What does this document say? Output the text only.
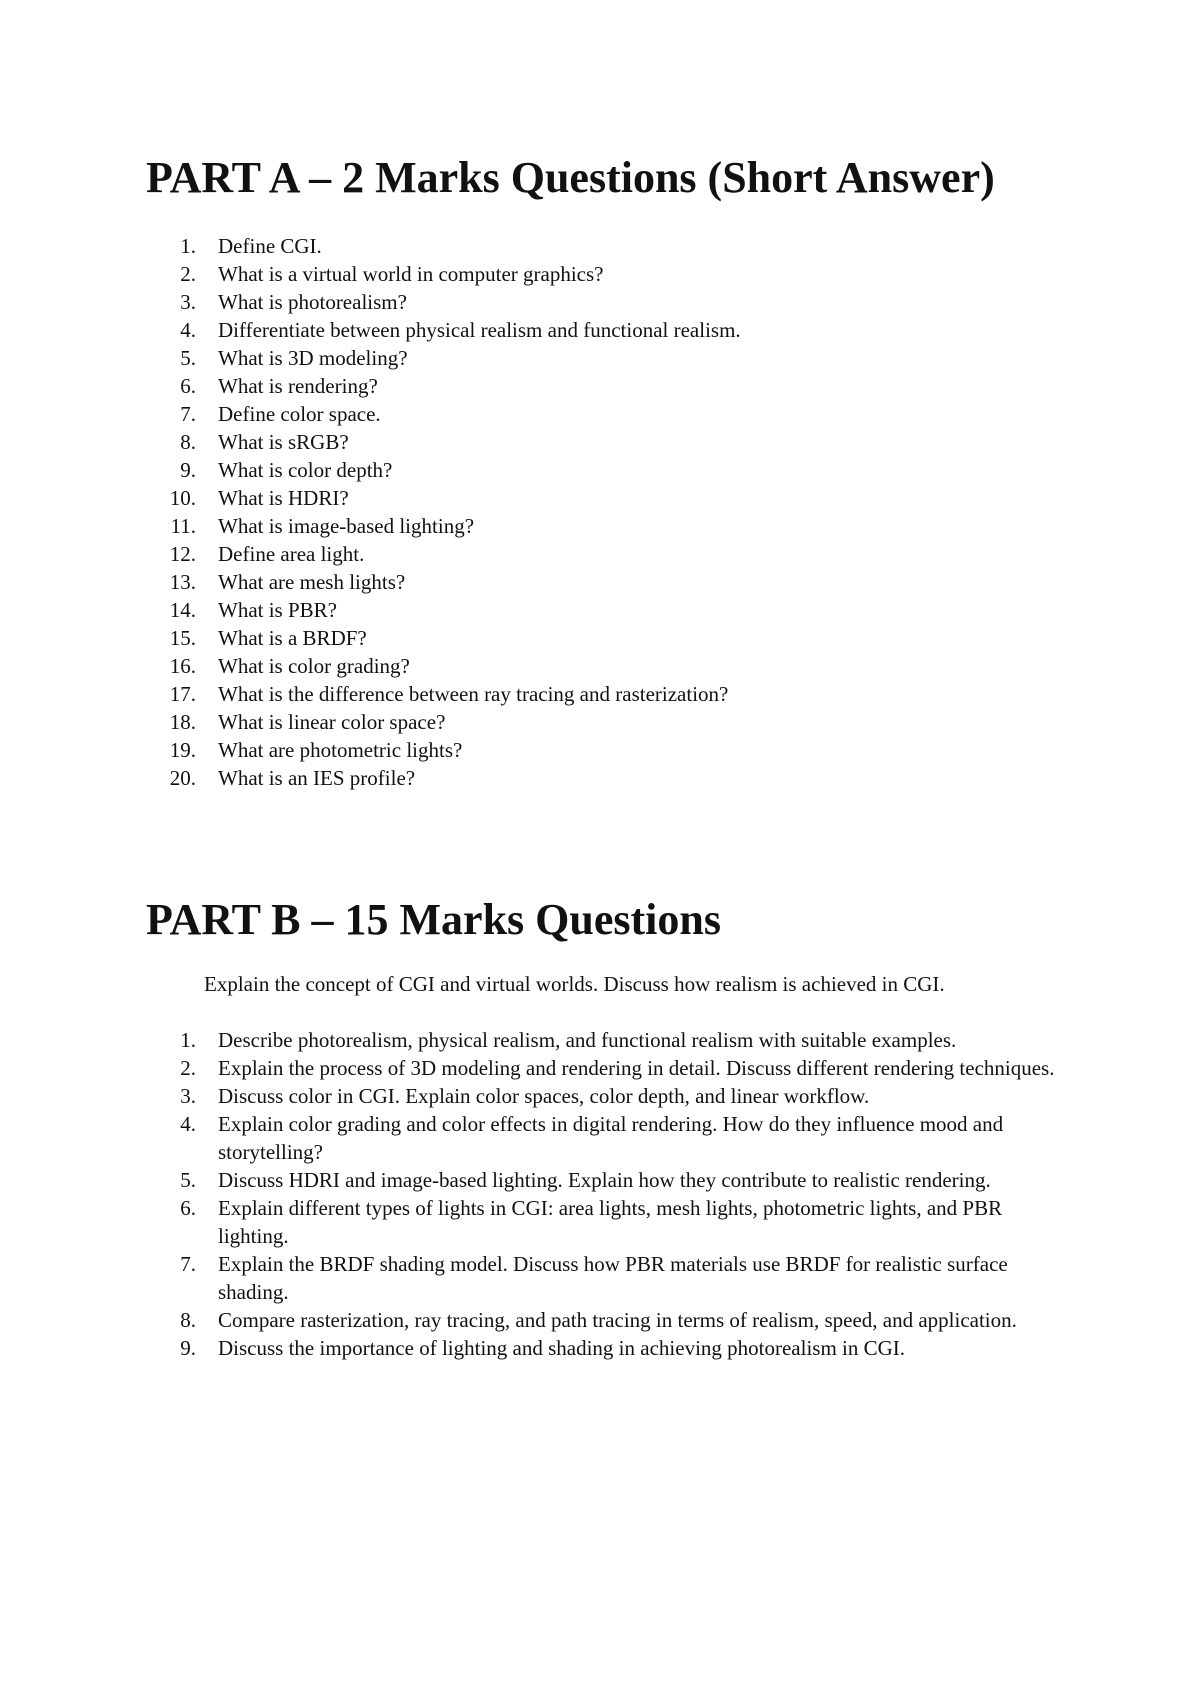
PART A – 2 Marks Questions (Short Answer)
1. Define CGI.
2. What is a virtual world in computer graphics?
3. What is photorealism?
4. Differentiate between physical realism and functional realism.
5. What is 3D modeling?
6. What is rendering?
7. Define color space.
8. What is sRGB?
9. What is color depth?
10. What is HDRI?
11. What is image-based lighting?
12. Define area light.
13. What are mesh lights?
14. What is PBR?
15. What is a BRDF?
16. What is color grading?
17. What is the difference between ray tracing and rasterization?
18. What is linear color space?
19. What are photometric lights?
20. What is an IES profile?
PART B – 15 Marks Questions

Explain the concept of CGI and virtual worlds. Discuss how realism is achieved in CGI.

1. Describe photorealism, physical realism, and functional realism with suitable examples.
2. Explain the process of 3D modeling and rendering in detail. Discuss different rendering techniques.
3. Discuss color in CGI. Explain color spaces, color depth, and linear workflow.
4. Explain color grading and color effects in digital rendering. How do they influence mood and storytelling?
5. Discuss HDRI and image-based lighting. Explain how they contribute to realistic rendering.
6. Explain different types of lights in CGI: area lights, mesh lights, photometric lights, and PBR lighting.
7. Explain the BRDF shading model. Discuss how PBR materials use BRDF for realistic surface shading.
8. Compare rasterization, ray tracing, and path tracing in terms of realism, speed, and application.
9. Discuss the importance of lighting and shading in achieving photorealism in CGI.
